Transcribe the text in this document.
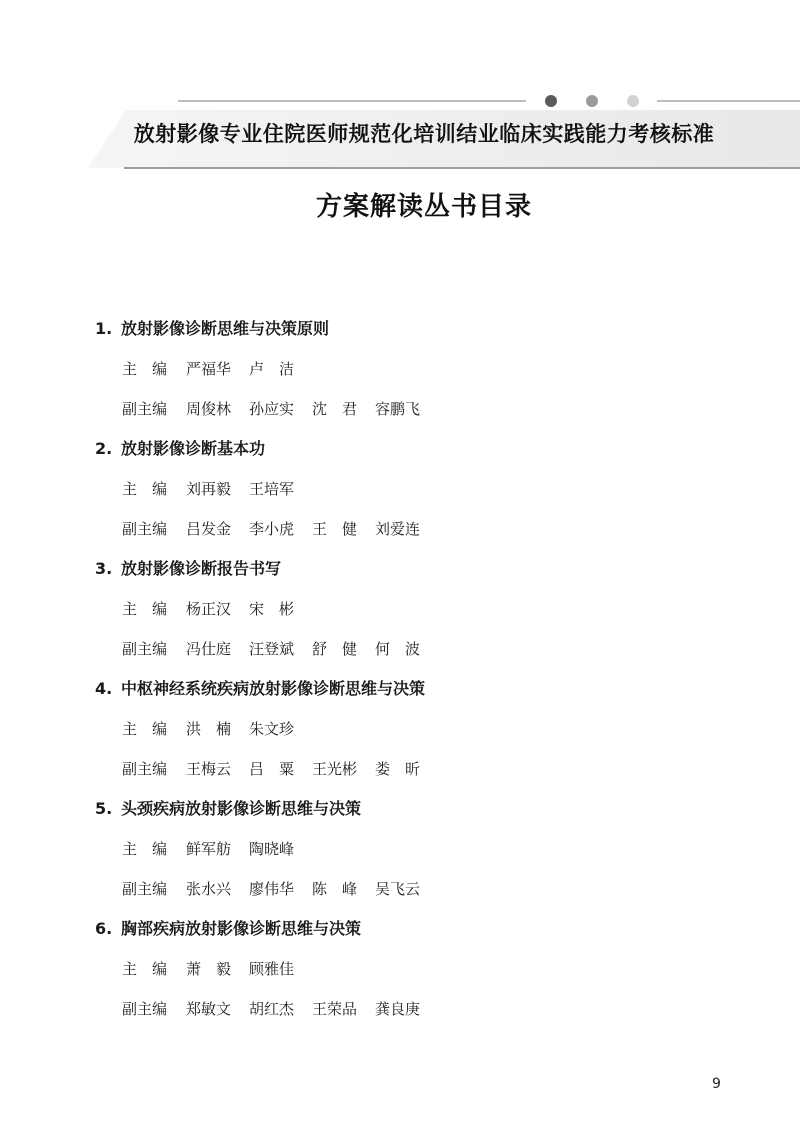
放射影像专业住院医师规范化培训结业临床实践能力考核标准
方案解读丛书目录
1. 放射影像诊断思维与决策原则
主　编 严福华 卢　洁
副主编 周俊林 孙应实 沈　君 容鹏飞
2. 放射影像诊断基本功
主　编 刘再毅 王培军
副主编 吕发金 李小虎 王　健 刘爱连
3. 放射影像诊断报告书写
主　编 杨正汉 宋　彬
副主编 冯仕庭 汪登斌 舒　健 何　波
4. 中枢神经系统疾病放射影像诊断思维与决策
主　编 洪　楠 朱文珍
副主编 王梅云 吕　粟 王光彬 娄　昕
5. 头颈疾病放射影像诊断思维与决策
主　编 鲜军舫 陶晓峰
副主编 张水兴 廖伟华 陈　峰 吴飞云
6. 胸部疾病放射影像诊断思维与决策
主　编 萧　毅 顾雅佳
副主编 郑敏文 胡红杰 王荣品 龚良庚
9
